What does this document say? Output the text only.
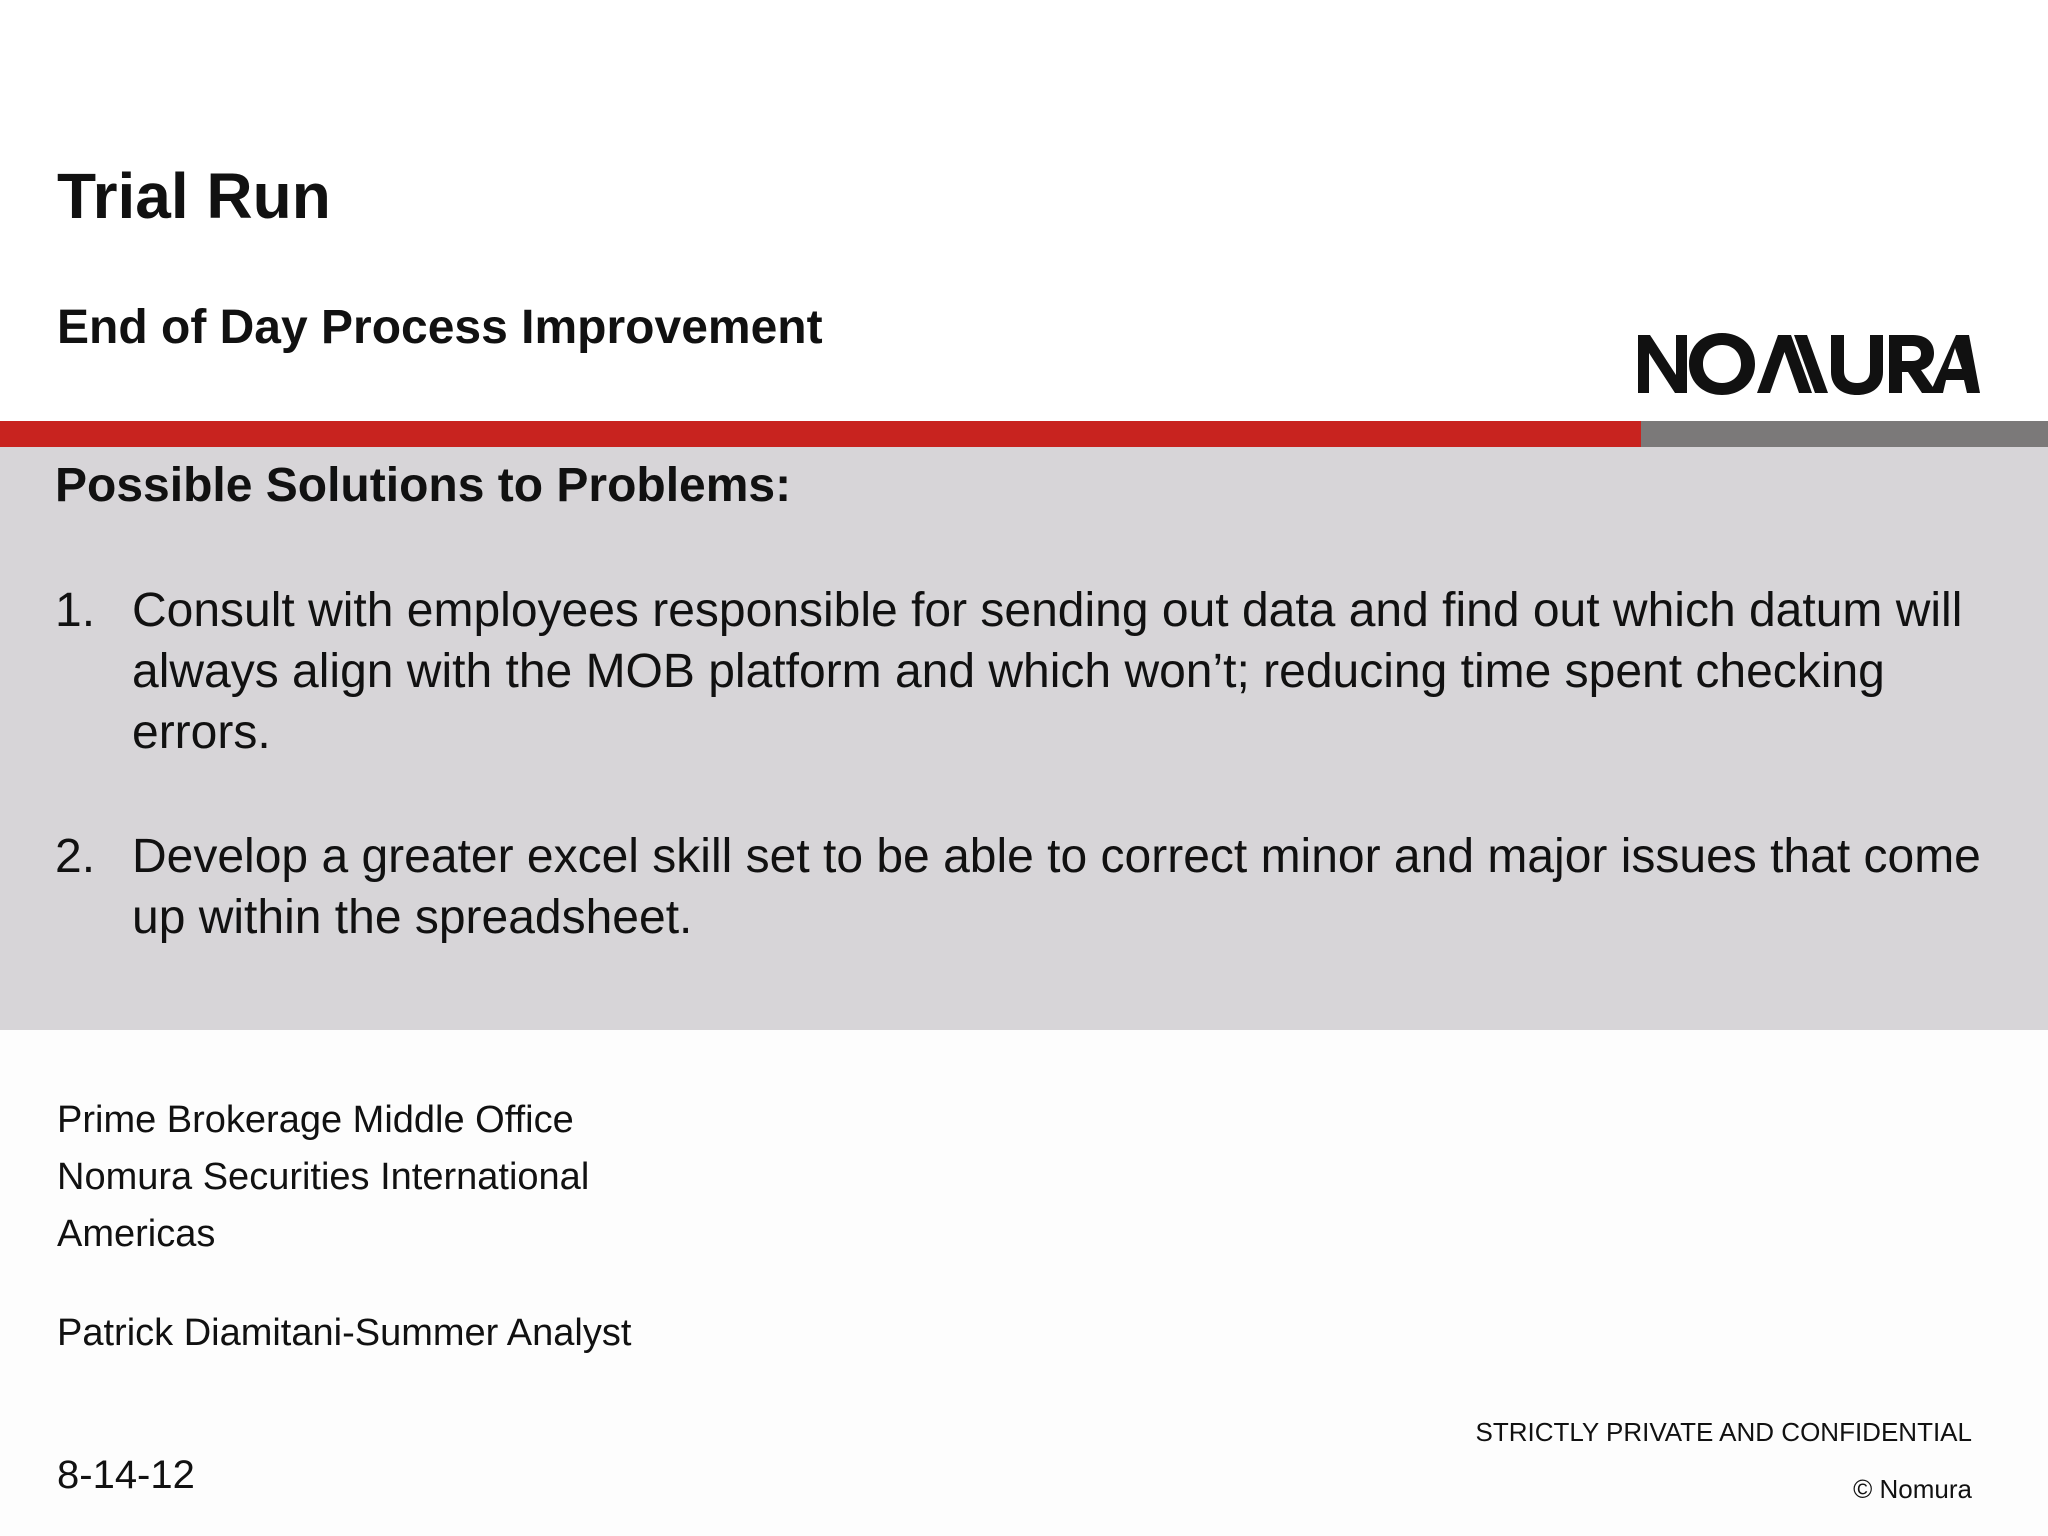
Trial Run
End of Day Process Improvement
Possible Solutions to Problems:
1. Consult with employees responsible for sending out data and find out which datum will always align with the MOB platform and which won’t; reducing time spent checking errors.
2. Develop a greater excel skill set to be able to correct minor and major issues that come up within the spreadsheet.
Prime Brokerage Middle Office
Nomura Securities International
Americas
Patrick Diamitani-Summer Analyst
8-14-12
STRICTLY PRIVATE AND CONFIDENTIAL
© Nomura
